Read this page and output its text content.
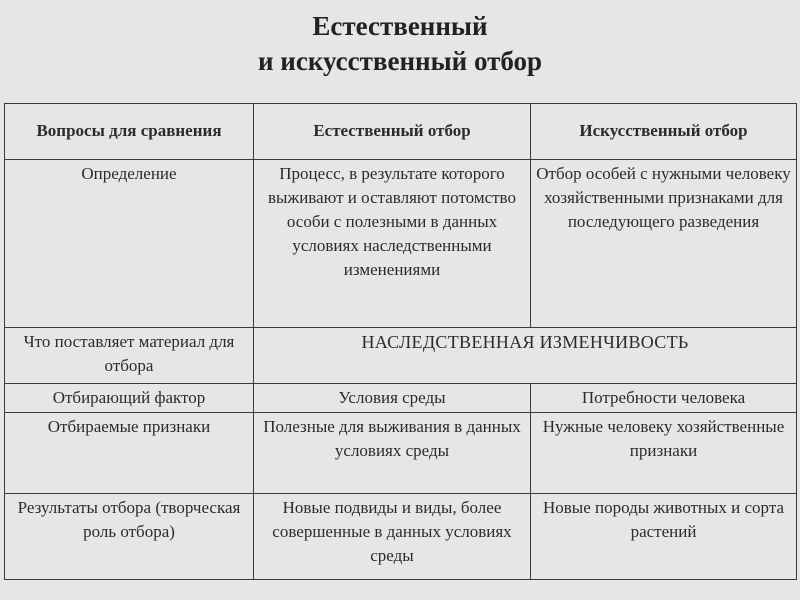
Естественный
и искусственный отбор
Вопросы для сравнения	Естественный отбор	Искусственный отбор
Определение	Процесс, в результате которого выживают и оставляют потомство особи с полезными в данных условиях наследственными изменениями	Отбор особей с нужными человеку хозяйственными признаками для последующего разведения
Что поставляет материал для отбора	НАСЛЕДСТВЕННАЯ ИЗМЕНЧИВОСТЬ	
Отбирающий фактор	Условия среды	Потребности человека
Отбираемые признаки	Полезные для выживания в данных условиях среды	Нужные человеку хозяйственные признаки
Результаты отбора (творческая роль отбора)	Новые подвиды и виды, более совершенные в данных условиях среды	Новые породы животных и сорта растений
